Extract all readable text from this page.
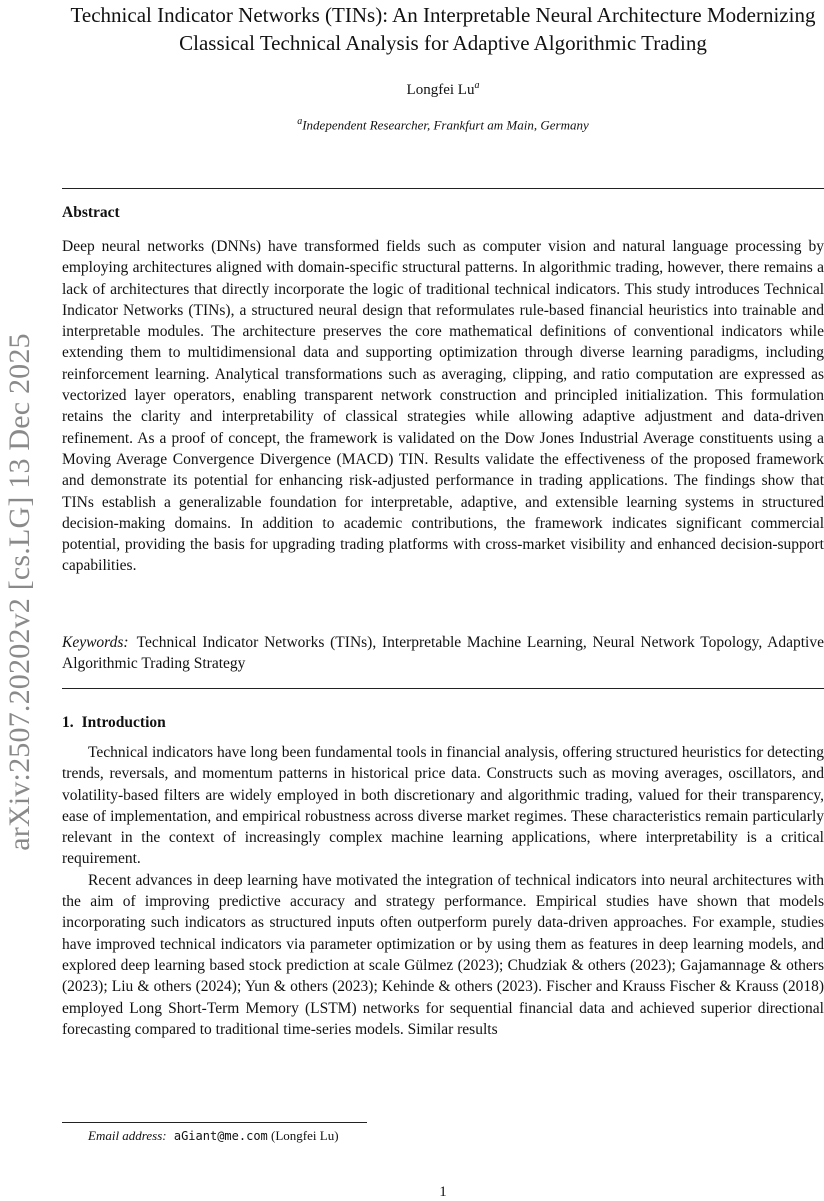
arXiv:2507.20202v2 [cs.LG] 13 Dec 2025
Technical Indicator Networks (TINs): An Interpretable Neural Architecture Modernizing Classical Technical Analysis for Adaptive Algorithmic Trading
Longfei Lu$^a$
$^a$Independent Researcher, Frankfurt am Main, Germany
Abstract

Deep neural networks (DNNs) have transformed fields such as computer vision and natural language processing by employing architectures aligned with domain-specific structural patterns. In algorithmic trading, however, there remains a lack of architectures that directly incorporate the logic of traditional technical indicators. This study introduces Technical Indicator Networks (TINs), a structured neural design that reformulates rule-based financial heuristics into trainable and interpretable modules. The architecture preserves the core mathematical definitions of conventional indicators while extending them to multidimensional data and supporting optimization through diverse learning paradigms, including reinforcement learning. Analytical transformations such as averaging, clipping, and ratio computation are expressed as vectorized layer operators, enabling transparent network construction and principled initialization. This formulation retains the clarity and interpretability of classical strategies while allowing adaptive adjustment and data-driven refinement. As a proof of concept, the framework is validated on the Dow Jones Industrial Average constituents using a Moving Average Convergence Divergence (MACD) TIN. Results validate the effectiveness of the proposed framework and demonstrate its potential for enhancing risk-adjusted performance in trading applications. The findings show that TINs establish a generalizable foundation for interpretable, adaptive, and extensible learning systems in structured decision-making domains. In addition to academic contributions, the framework indicates significant commercial potential, providing the basis for upgrading trading platforms with cross-market visibility and enhanced decision-support capabilities.

Keywords: Technical Indicator Networks (TINs), Interpretable Machine Learning, Neural Network Topology, Adaptive Algorithmic Trading Strategy

1. Introduction

Technical indicators have long been fundamental tools in financial analysis, offering structured heuristics for detecting trends, reversals, and momentum patterns in historical price data. Constructs such as moving averages, oscillators, and volatility-based filters are widely employed in both discretionary and algorithmic trading, valued for their transparency, ease of implementation, and empirical robustness across diverse market regimes. These characteristics remain particularly relevant in the context of increasingly complex machine learning applications, where interpretability is a critical requirement.

Recent advances in deep learning have motivated the integration of technical indicators into neural architectures with the aim of improving predictive accuracy and strategy performance. Empirical studies have shown that models incorporating such indicators as structured inputs often outperform purely data-driven approaches. For example, studies have improved technical indicators via parameter optimization or by using them as features in deep learning models, and explored deep learning based stock prediction at scale Gülmez (2023); Chudziak & others (2023); Gajamannage & others (2023); Liu & others (2024); Yun & others (2023); Kehinde & others (2023). Fischer and Krauss Fischer & Krauss (2018) employed Long Short-Term Memory (LSTM) networks for sequential financial data and achieved superior directional forecasting compared to traditional time-series models. Similar results

Email address: aGiant@me.com (Longfei Lu)
1
